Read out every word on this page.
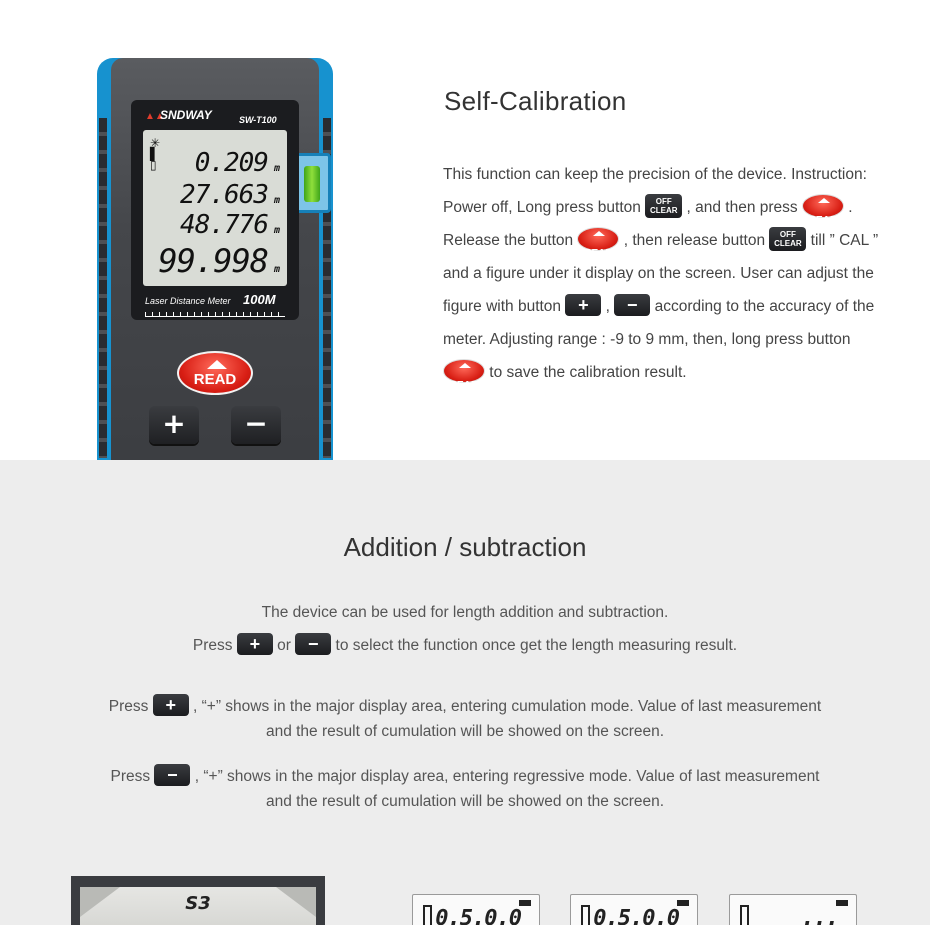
▲▲SNDWAY	SW-T100
✳
▌
▯	0.209 m
27.663 m
48.776 m
99.998 m
Laser Distance Meter 100M
READ
+	−
Self-Calibration
This function can keep the precision of the device. Instruction: Power off, Long press button OFF
CLEAR , and then press READ . Release the button READ , then release button OFF
CLEAR till ” CAL ” and a figure under it display on the screen. User can adjust the figure with button + , − according to the accuracy of the meter. Adjusting range : -9 to 9 mm, then, long press button READ to save the calibration result.
Addition / subtraction
The device can be used for length addition and subtraction.
Press + or − to select the function once get the length measuring result.
Press + , “+” shows in the major display area, entering cumulation mode. Value of last measurement
and the result of cumulation will be showed on the screen.
Press − , “+” shows in the major display area, entering regressive mode. Value of last measurement
and the result of cumulation will be showed on the screen.
S3
0.5.0.0	0.5.0.0	...
